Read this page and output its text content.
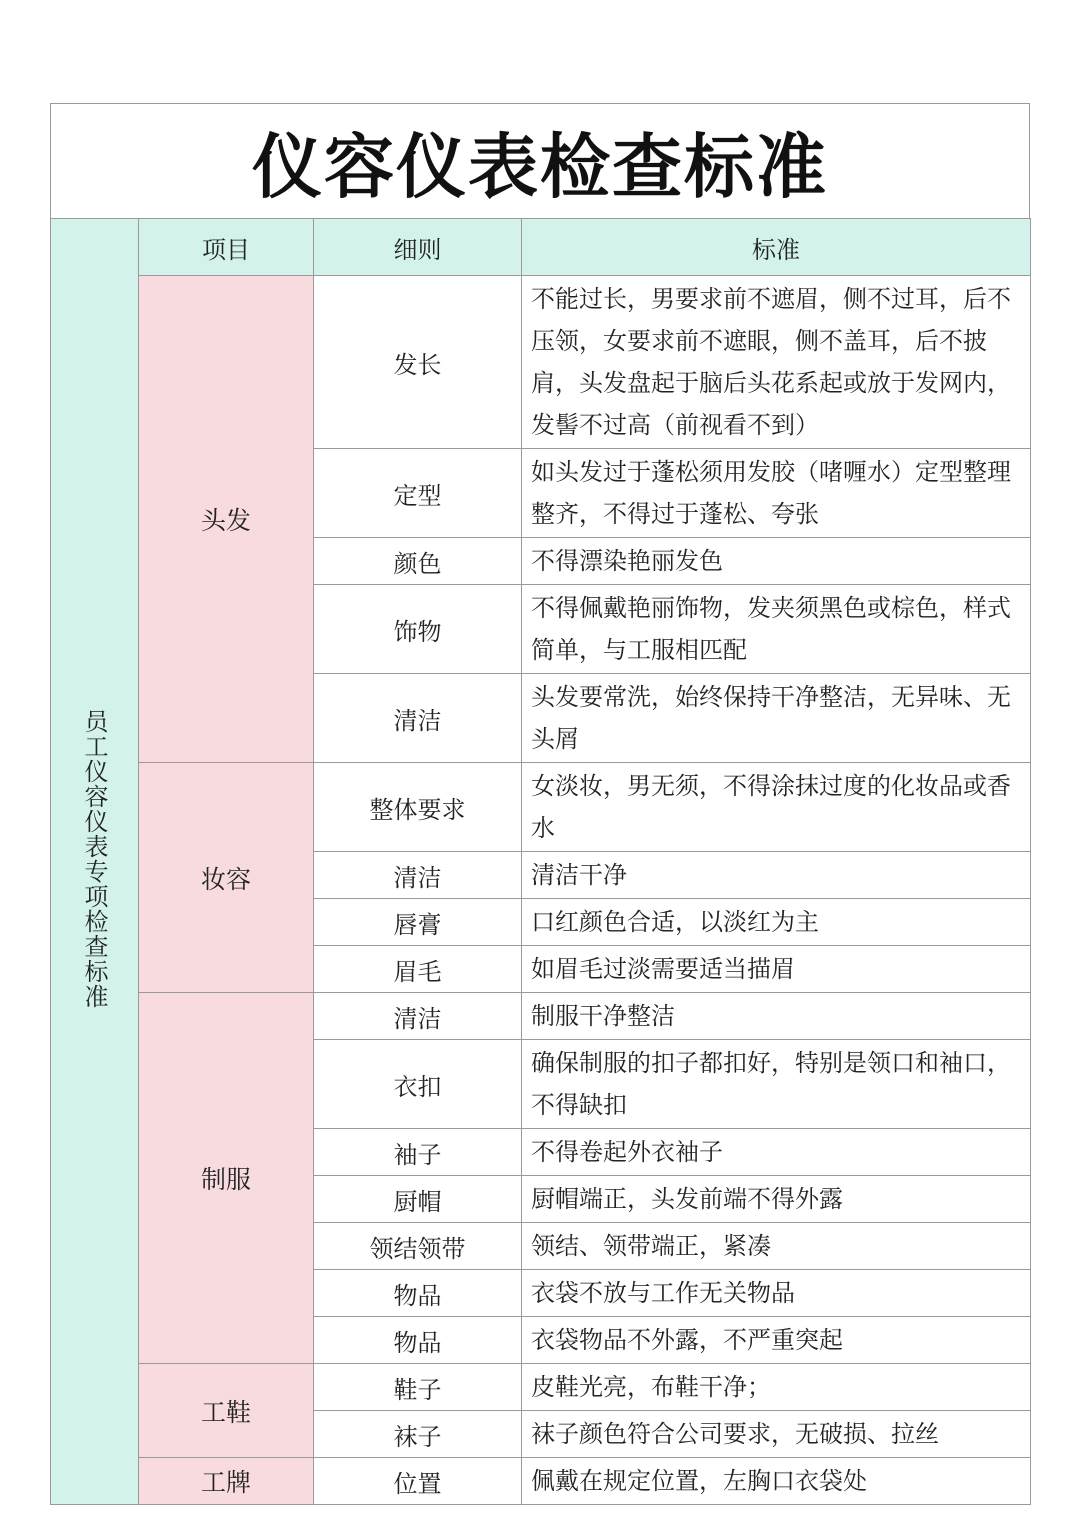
仪容仪表检查标准
员工仪容仪表专项检查标准	项目	细则	标准
	头发	发长	不能过长，男要求前不遮眉，侧不过耳，后不压领，女要求前不遮眼，侧不盖耳，后不披肩，头发盘起于脑后头花系起或放于发网内，发髻不过高（前视看不到）
		定型	如头发过于蓬松须用发胶（啫喱水）定型整理整齐，不得过于蓬松、夸张
		颜色	不得漂染艳丽发色
		饰物	不得佩戴艳丽饰物，发夹须黑色或棕色，样式简单，与工服相匹配
		清洁	头发要常洗，始终保持干净整洁，无异味、无头屑
	妆容	整体要求	女淡妆，男无须，不得涂抹过度的化妆品或香水
		清洁	清洁干净
		唇膏	口红颜色合适，以淡红为主
		眉毛	如眉毛过淡需要适当描眉
	制服	清洁	制服干净整洁
		衣扣	确保制服的扣子都扣好，特别是领口和袖口，不得缺扣
		袖子	不得卷起外衣袖子
		厨帽	厨帽端正，头发前端不得外露
		领结领带	领结、领带端正，紧凑
		物品	衣袋不放与工作无关物品
		物品	衣袋物品不外露，不严重突起
	工鞋	鞋子	皮鞋光亮，布鞋干净；
		袜子	袜子颜色符合公司要求，无破损、拉丝
	工牌	位置	佩戴在规定位置，左胸口衣袋处
